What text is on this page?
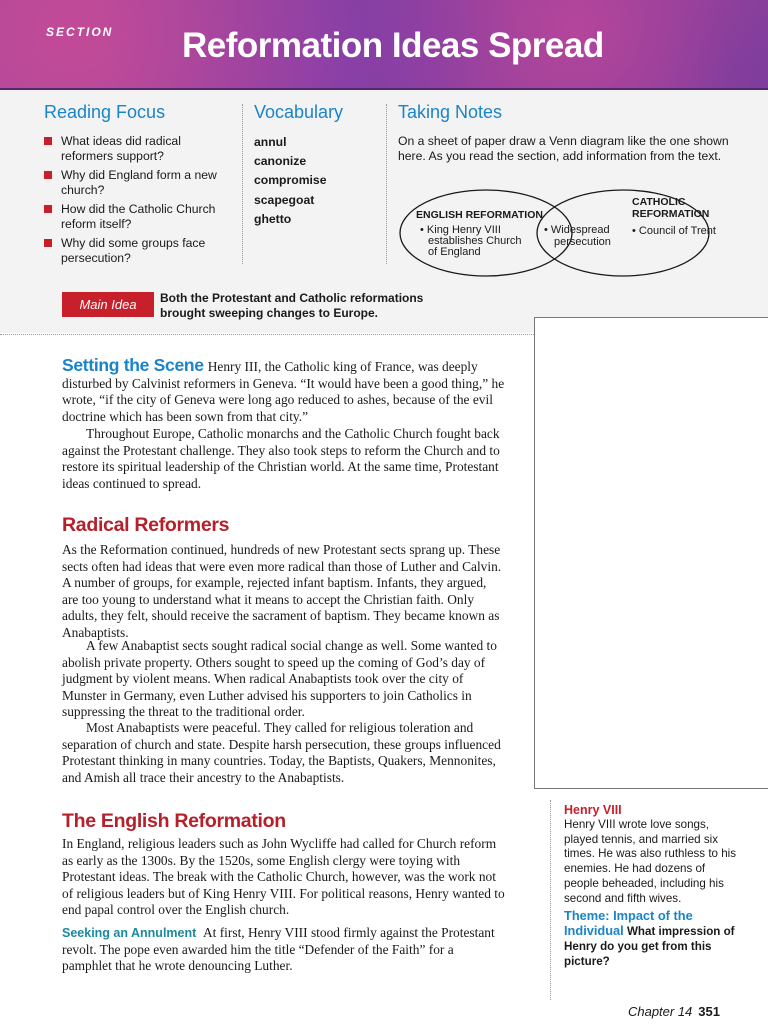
SECTION Reformation Ideas Spread
Reading Focus	Vocabulary	Taking Notes
What ideas did radical reformers support?
Why did England form a new church?
How did the Catholic Church reform itself?
Why did some groups face persecution?
annul
canonize
compromise
scapegoat
ghetto
On a sheet of paper draw a Venn diagram like the one shown here. As you read the section, add information from the text.
ENGLISH REFORMATION
• King Henry VIII
establishes Church
of England
• Widespread
persecution
CATHOLIC
REFORMATION
• Council of Trent
Main Idea	Both the Protestant and Catholic reformations brought sweeping changes to Europe.

Setting the Scene Henry III, the Catholic king of France, was deeply disturbed by Calvinist reformers in Geneva. “It would have been a good thing,” he wrote, “if the city of Geneva were long ago reduced to ashes, because of the evil doctrine which has been sown from that city.”

Throughout Europe, Catholic monarchs and the Catholic Church fought back against the Protestant challenge. They also took steps to reform the Church and to restore its spiritual leadership of the Christian world. At the same time, Protestant ideas continued to spread.

Radical Reformers

As the Reformation continued, hundreds of new Protestant sects sprang up. These sects often had ideas that were even more radical than those of Luther and Calvin. A number of groups, for example, rejected infant baptism. Infants, they argued, are too young to understand what it means to accept the Christian faith. Only adults, they felt, should receive the sacrament of baptism. They became known as Anabaptists.

A few Anabaptist sects sought radical social change as well. Some wanted to abolish private property. Others sought to speed up the coming of God’s day of judgment by violent means. When radical Anabaptists took over the city of Munster in Germany, even Luther advised his supporters to join Catholics in suppressing the threat to the traditional order.

Most Anabaptists were peaceful. They called for religious toleration and separation of church and state. Despite harsh persecution, these groups influenced Protestant thinking in many countries. Today, the Baptists, Quakers, Mennonites, and Amish all trace their ancestry to the Anabaptists.

The English Reformation

In England, religious leaders such as John Wycliffe had called for Church reform as early as the 1300s. By the 1520s, some English clergy were toying with Protestant ideas. The break with the Catholic Church, however, was the work not of religious leaders but of King Henry VIII. For political reasons, Henry wanted to end papal control over the English church.

Seeking an Annulment At first, Henry VIII stood firmly against the Protestant revolt. The pope even awarded him the title “Defender of the Faith” for a pamphlet that he wrote denouncing Luther.

Henry VIII
Henry VIII wrote love songs, played tennis, and married six times. He was also ruthless to his enemies. He had dozens of people beheaded, including his second and fifth wives.
Theme: Impact of the Individual What impression of Henry do you get from this picture?
Chapter 14 351
